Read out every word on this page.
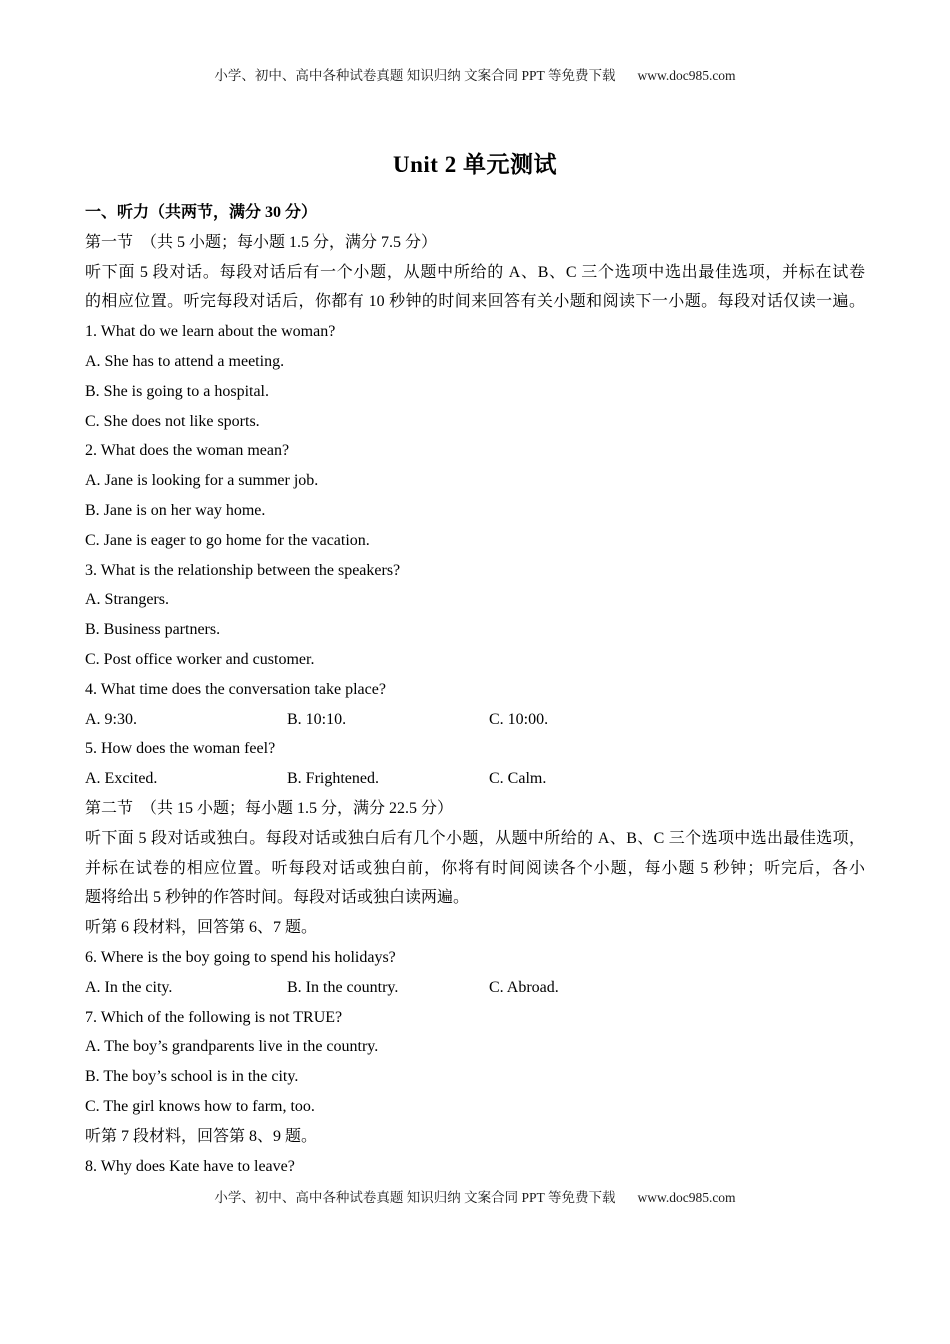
小学、初中、高中各种试卷真题 知识归纳 文案合同 PPT 等免费下载 www.doc985.com
Unit 2 单元测试
一、听力（共两节，满分 30 分）
第一节　（共 5 小题；每小题 1.5 分，满分 7.5 分）
听下面 5 段对话。每段对话后有一个小题，从题中所给的 A、B、C 三个选项中选出最佳选项，并标在试卷
的相应位置。听完每段对话后，你都有 10 秒钟的时间来回答有关小题和阅读下一小题。每段对话仅读一遍。
1. What do we learn about the woman?
A. She has to attend a meeting.
B. She is going to a hospital.
C. She does not like sports.
2. What does the woman mean?
A. Jane is looking for a summer job.
B. Jane is on her way home.
C. Jane is eager to go home for the vacation.
3. What is the relationship between the speakers?
A. Strangers.
B. Business partners.
C. Post office worker and customer.
4. What time does the conversation take place?
A. 9:30.	B. 10:10.	C. 10:00.
5. How does the woman feel?
A. Excited.	B. Frightened.	C. Calm.
第二节　（共 15 小题；每小题 1.5 分，满分 22.5 分）
听下面 5 段对话或独白。每段对话或独白后有几个小题，从题中所给的 A、B、C 三个选项中选出最佳选项，
并标在试卷的相应位置。听每段对话或独白前，你将有时间阅读各个小题，每小题 5 秒钟；听完后，各小
题将给出 5 秒钟的作答时间。每段对话或独白读两遍。
听第 6 段材料，回答第 6、7 题。
6. Where is the boy going to spend his holidays?
A. In the city.	B. In the country.	C. Abroad.
7. Which of the following is not TRUE?
A. The boy’s grandparents live in the country.
B. The boy’s school is in the city.
C. The girl knows how to farm, too.
听第 7 段材料，回答第 8、9 题。
8. Why does Kate have to leave?
小学、初中、高中各种试卷真题 知识归纳 文案合同 PPT 等免费下载 www.doc985.com
